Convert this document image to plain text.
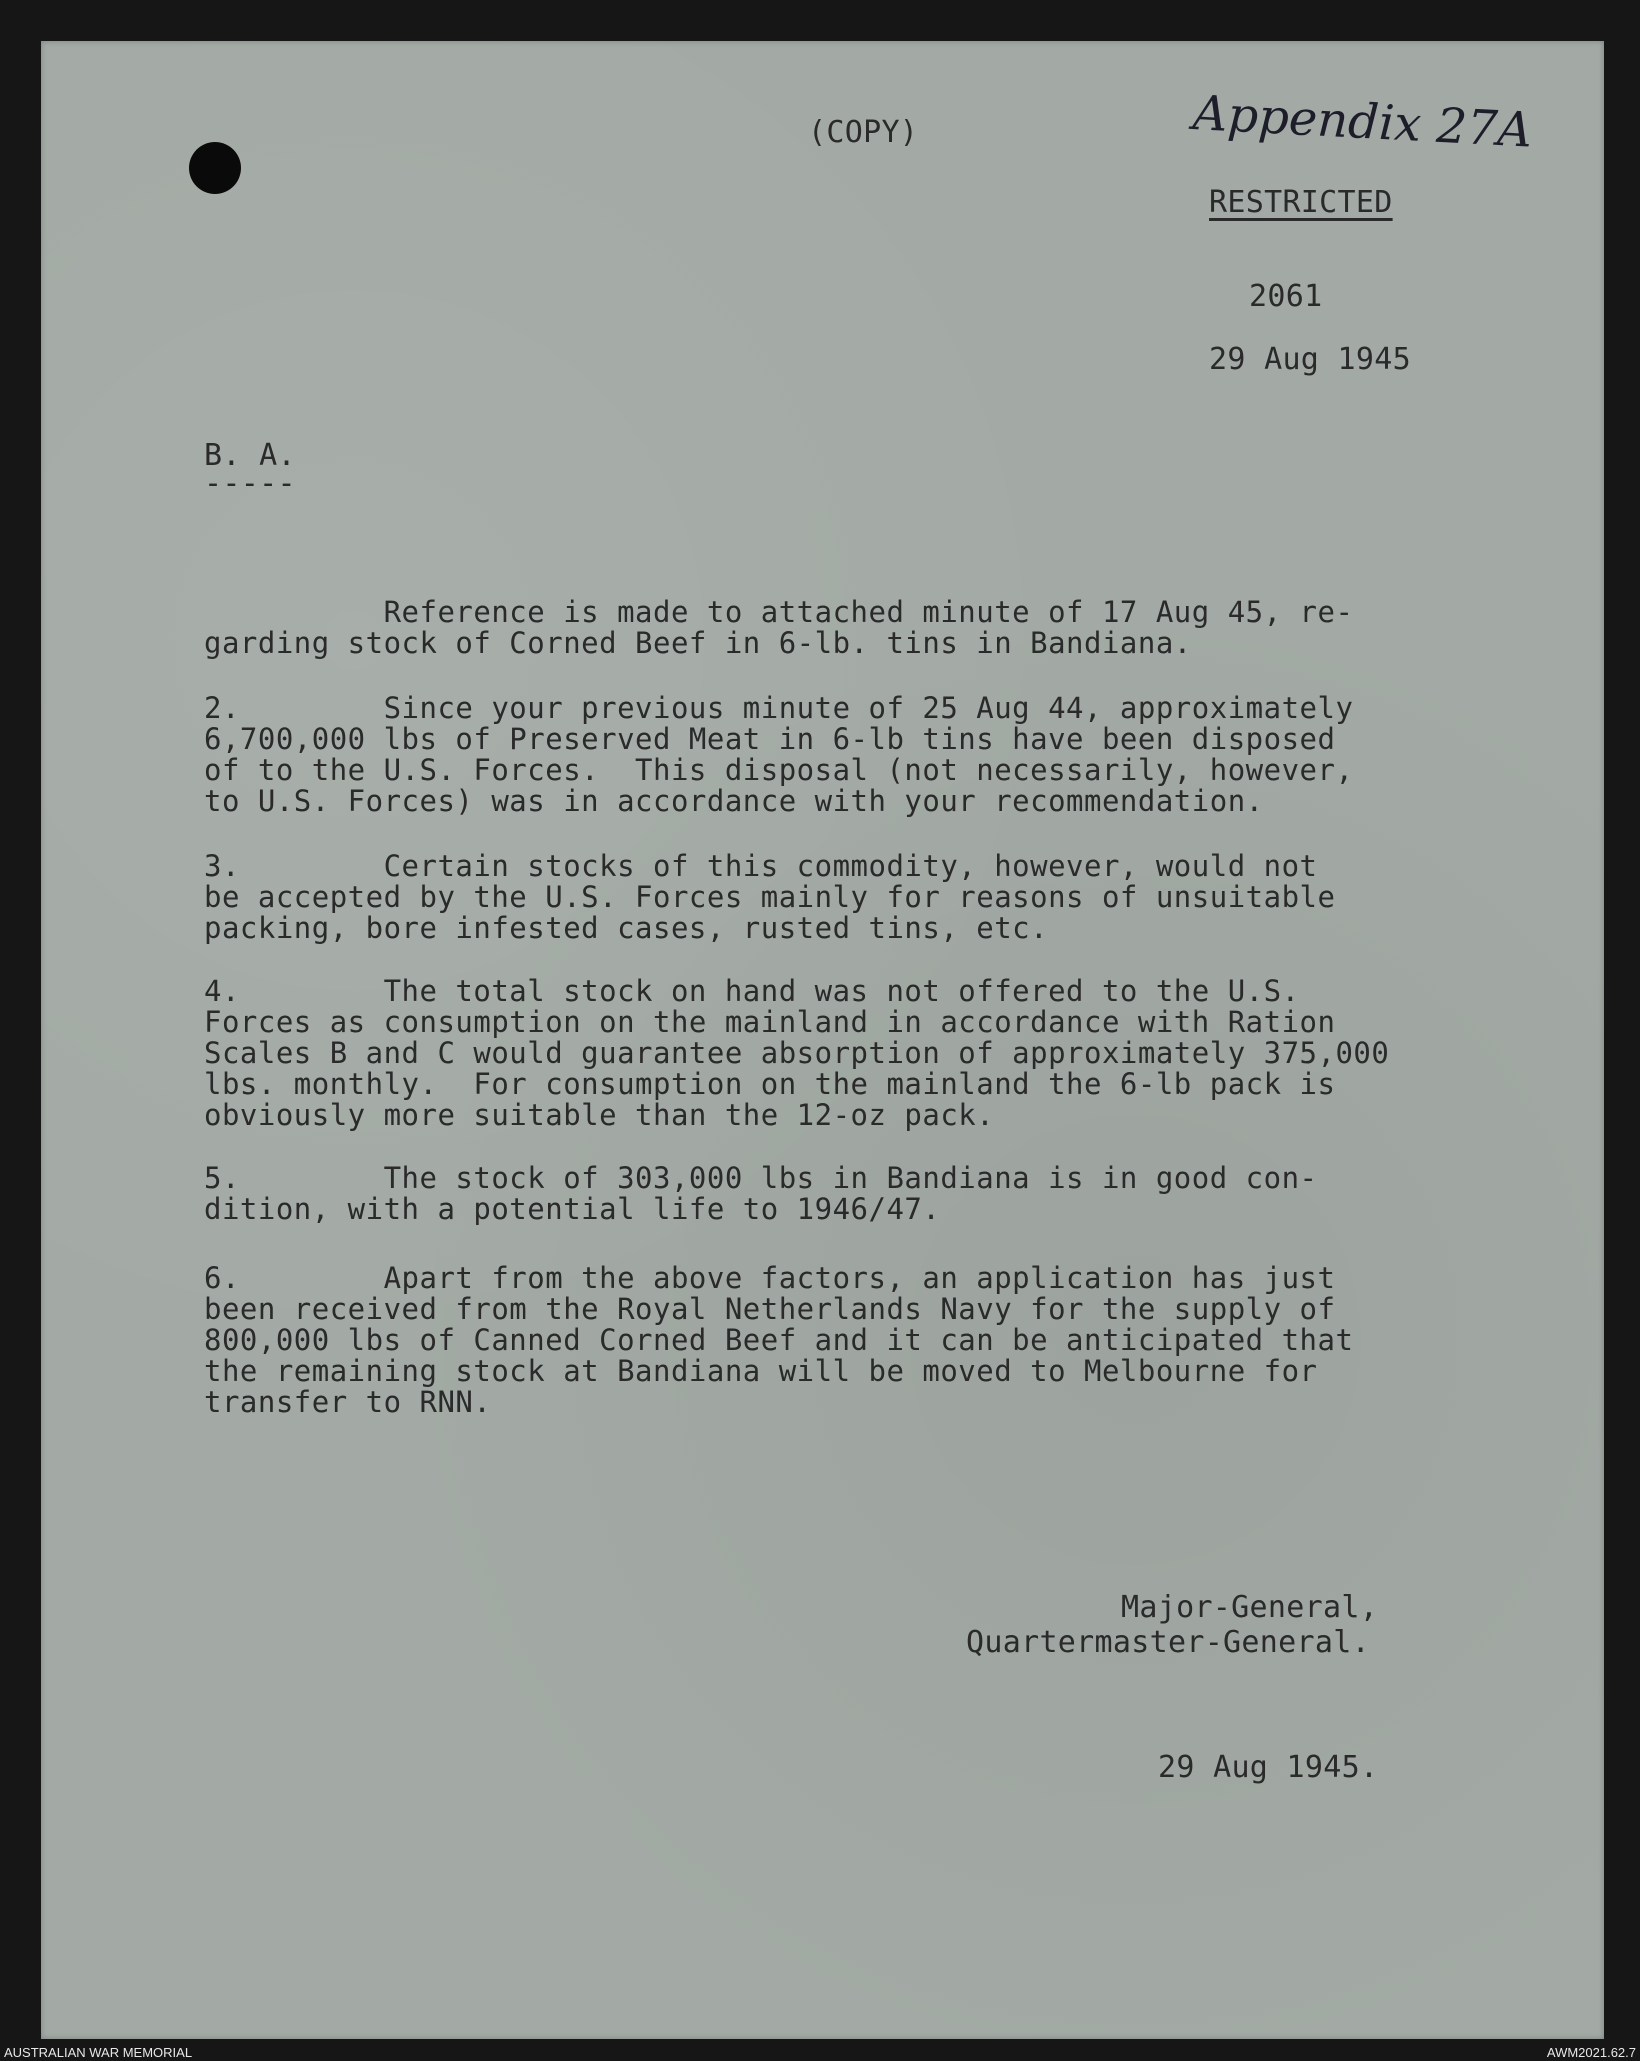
(COPY)	Appendix 27A
RESTRICTED
2061
29 Aug 1945
B. A.
-----
Reference is made to attached minute of 17 Aug 45, re-
garding stock of Corned Beef in 6-lb. tins in Bandiana.
2.        Since your previous minute of 25 Aug 44, approximately
6,700,000 lbs of Preserved Meat in 6-lb tins have been disposed
of to the U.S. Forces.  This disposal (not necessarily, however,
to U.S. Forces) was in accordance with your recommendation.
3.        Certain stocks of this commodity, however, would not
be accepted by the U.S. Forces mainly for reasons of unsuitable
packing, bore infested cases, rusted tins, etc.
4.        The total stock on hand was not offered to the U.S.
Forces as consumption on the mainland in accordance with Ration
Scales B and C would guarantee absorption of approximately 375,000
lbs. monthly.  For consumption on the mainland the 6-lb pack is
obviously more suitable than the 12-oz pack.
5.        The stock of 303,000 lbs in Bandiana is in good con-
dition, with a potential life to 1946/47.
6.        Apart from the above factors, an application has just
been received from the Royal Netherlands Navy for the supply of
800,000 lbs of Canned Corned Beef and it can be anticipated that
the remaining stock at Bandiana will be moved to Melbourne for
transfer to RNN.
Major-General,
Quartermaster-General.
29 Aug 1945.
AUSTRALIAN WAR MEMORIAL	AWM2021.62.7
